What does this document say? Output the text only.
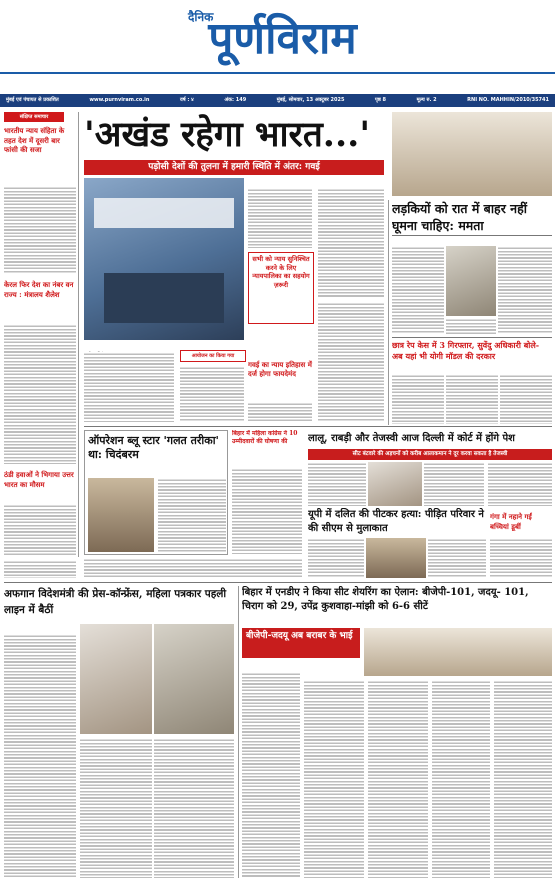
दैनिक
पूर्णविराम
मुंबई एवं पंचायत से प्रकाशित	www.purnviram.co.in	वर्ष : ४	अंक: 149	मुंबई, सोमवार, 13 अक्टूबर 2025	पृष्ठ 8	मूल्य रु. 2	RNI NO. MAHHIN/2010/35741
संक्षिप्त समाचार
भारतीय न्याय संहिता के तहत देश में दूसरी बार फांसी की सजा
केरल फिर देश का नंबर वन राज्य : मंत्रालय शैलेश
ठंडी हवाओं ने भिगाया उत्तर भारत का मौसम
'अखंड रहेगा भारत...'
पड़ोसी देशों की तुलना में हमारी स्थिति में अंतर: गवई
सभी को न्याय सुनिश्चित करने के लिए न्यायपालिका का सहयोग ज़रूरी
गवई का न्याय इतिहास में दर्ज होगा फायदेमंद
आयोजन का किया गया
लड़कियों को रात में बाहर नहीं घूमना चाहिए: ममता
छात्र रेप केस में 3 गिरफ्तार, सुवेंदु अधिकारी बोले- अब यहां भी योगी मॉडल की दरकार
ऑपरेशन ब्लू स्टार 'गलत तरीका' था: चिदंबरम
बिहार में महिला कांग्रेस ने 10 उम्मीदवारों की घोषणा की	लालू, राबड़ी और तेजस्वी आज दिल्ली में कोर्ट में होंगे पेश
सीट बंटवारे की अड़चनों को करीब आलाकमान ने दूर करवा सकता है तेजस्वी
यूपी में दलित की पीटकर हत्या: पीड़ित परिवार ने की सीएम से मुलाकात
गंगा में नहाने गईं बच्चियां डूबीं
अफगान विदेशमंत्री की प्रेस-कॉन्फ्रेंस, महिला पत्रकार पहली लाइन में बैठीं
बिहार में एनडीए ने किया सीट शेयरिंग का ऐलान: बीजेपी-101, जदयू- 101, चिराग को 29, उपेंद्र कुशवाहा-मांझी को 6-6 सीटें
बीजेपी-जदयू अब बराबर के भाई
